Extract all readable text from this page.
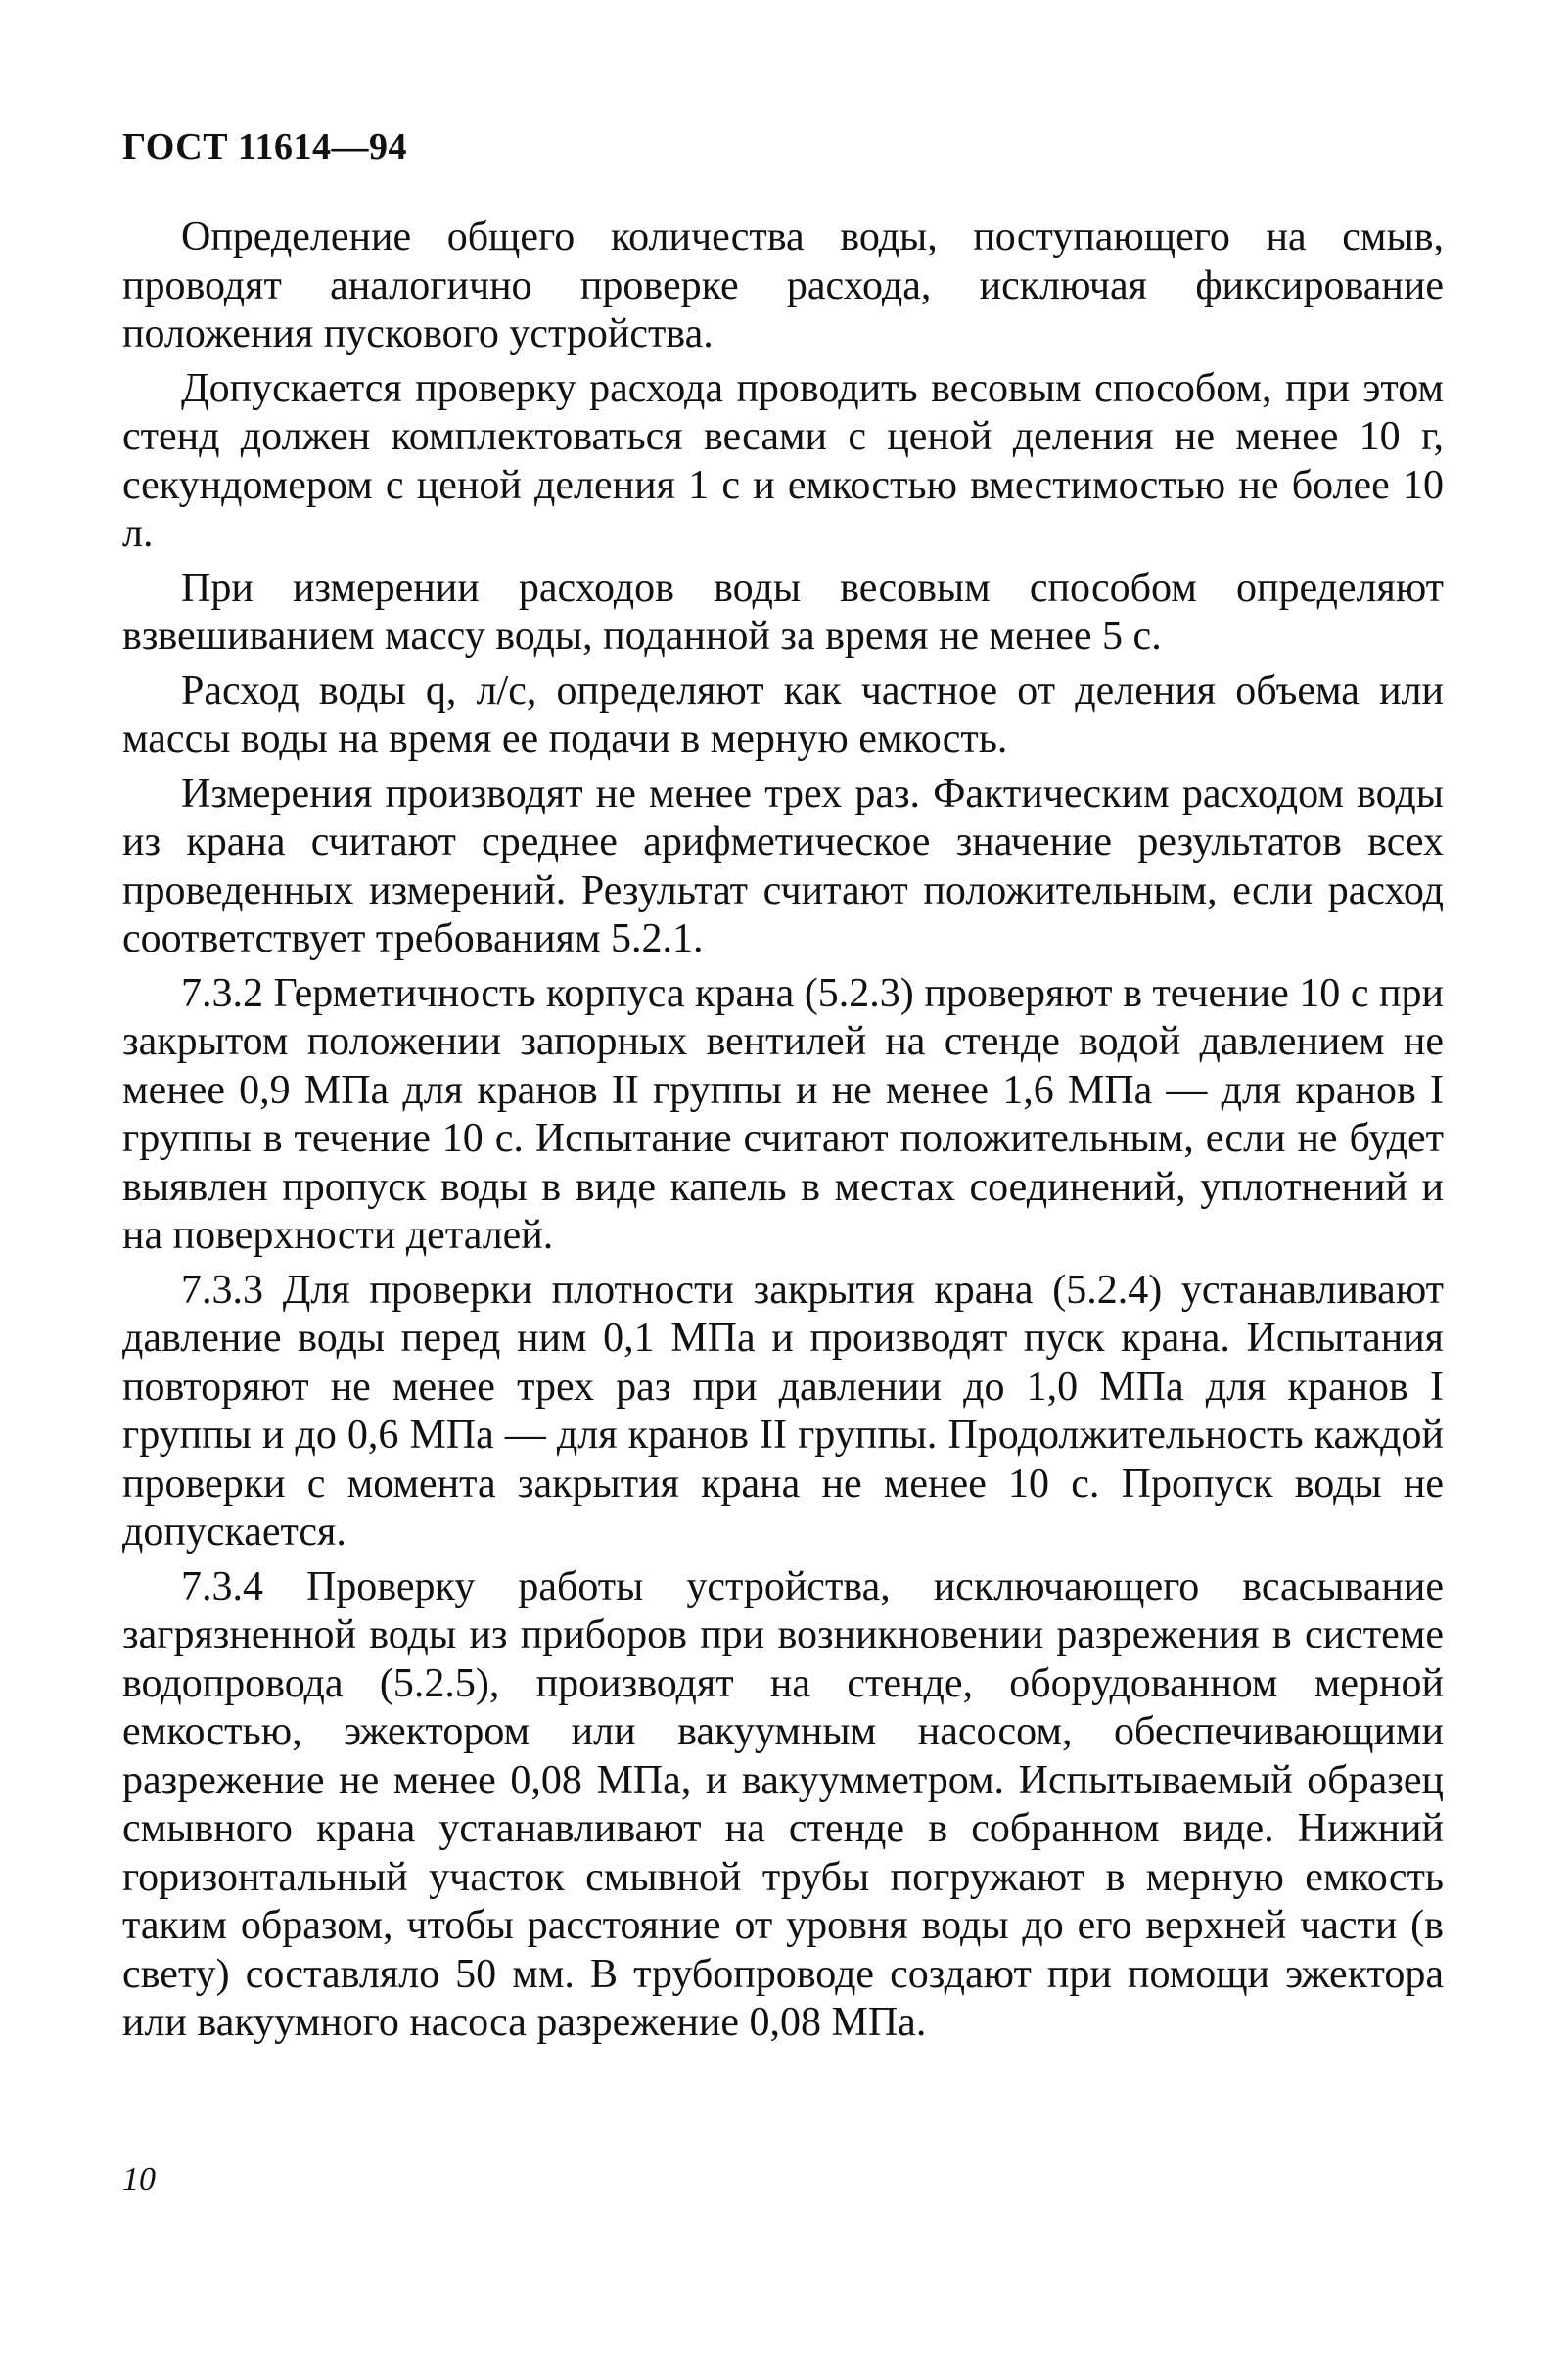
ГОСТ 11614—94

Определение общего количества воды, поступающего на смыв, проводят аналогично проверке расхода, исключая фиксирование положения пускового устройства.

Допускается проверку расхода проводить весовым способом, при этом стенд должен комплектоваться весами с ценой деления не менее 10 г, секундомером с ценой деления 1 с и емкостью вместимостью не более 10 л.

При измерении расходов воды весовым способом определяют взвешиванием массу воды, поданной за время не менее 5 с.

Расход воды q, л/с, определяют как частное от деления объема или массы воды на время ее подачи в мерную емкость.

Измерения производят не менее трех раз. Фактическим расходом воды из крана считают среднее арифметическое значение результатов всех проведенных измерений. Результат считают положительным, если расход соответствует требованиям 5.2.1.

7.3.2 Герметичность корпуса крана (5.2.3) проверяют в течение 10 с при закрытом положении запорных вентилей на стенде водой давлением не менее 0,9 МПа для кранов II группы и не менее 1,6 МПа — для кранов I группы в течение 10 с. Испытание считают положительным, если не будет выявлен пропуск воды в виде капель в местах соединений, уплотнений и на поверхности деталей.

7.3.3 Для проверки плотности закрытия крана (5.2.4) устанавливают давление воды перед ним 0,1 МПа и производят пуск крана. Испытания повторяют не менее трех раз при давлении до 1,0 МПа для кранов I группы и до 0,6 МПа — для кранов II группы. Продолжительность каждой проверки с момента закрытия крана не менее 10 с. Пропуск воды не допускается.

7.3.4 Проверку работы устройства, исключающего всасывание загрязненной воды из приборов при возникновении разрежения в системе водопровода (5.2.5), производят на стенде, оборудованном мерной емкостью, эжектором или вакуумным насосом, обеспечивающими разрежение не менее 0,08 МПа, и вакуумметром. Испытываемый образец смывного крана устанавливают на стенде в собранном виде. Нижний горизонтальный участок смывной трубы погружают в мерную емкость таким образом, чтобы расстояние от уровня воды до его верхней части (в свету) составляло 50 мм. В трубопроводе создают при помощи эжектора или вакуумного насоса разрежение 0,08 МПа.

10
